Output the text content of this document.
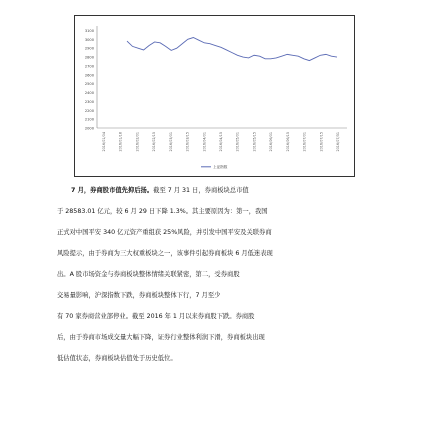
3100
3000
2900
2800
2700
2600
2500
2400
2300
2200
2100
2000
2016/01/04	2016/01/18	2016/02/01	2016/02/15	2016/03/01	2016/03/15	2016/04/01	2016/04/15	2016/05/01	2016/05/15	2016/06/01	2016/06/15	2016/07/01	2016/07/15	2016/07/31
上证指数
7 月，券商股市值先抑后扬。截至 7 月 31 日，券商板块总市值
于 28583.01 亿元，较 6 月 29 日下降 1.3%。其主要原因为：第一，我国
正式对中国平安 340 亿元资产重组获 25%风险，并引发中国平安及关联券商
风险提示，由于券商为三大权重板块之一，该事件引起券商板块 6 月低迷表现
出。A 股市场资金与券商板块整体情绪关联紧密，第二，受券商股
交易量影响，沪深指数下跌，券商板块整体下行，7 月至少
有 70 家券商营业部停业。截至 2016 年 1 月以来券商股下跌。券商股
后，由于券商市场成交量大幅下降，证券行业整体利润下滑，券商板块出现
低估值状态，券商板块估值处于历史低位。
